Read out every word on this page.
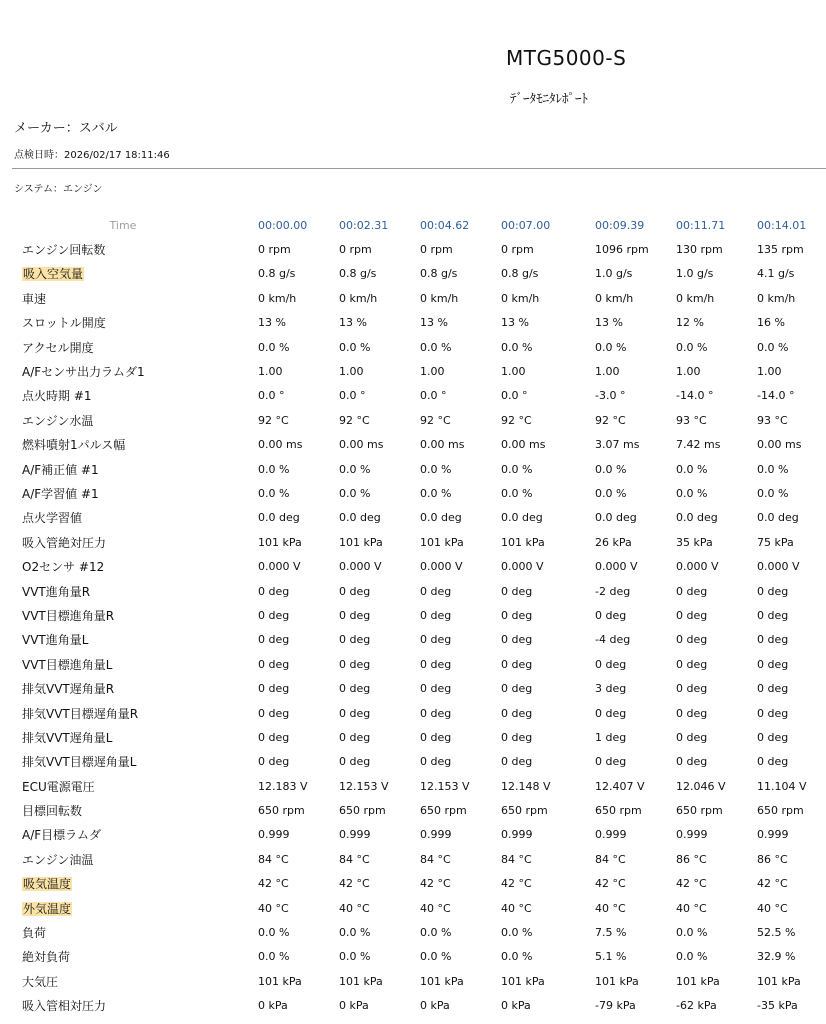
MTG5000-S
ﾃﾞｰﾀﾓﾆﾀﾚﾎﾟｰﾄ
メーカー：スバル
点検日時：2026/02/17 18:11:46
システム：エンジン
Time	00:00.00	00:02.31	00:04.62	00:07.00	00:09.39	00:11.71	00:14.01
エンジン回転数	0 rpm	0 rpm	0 rpm	0 rpm	1096 rpm	130 rpm	135 rpm
吸入空気量	0.8 g/s	0.8 g/s	0.8 g/s	0.8 g/s	1.0 g/s	1.0 g/s	4.1 g/s
車速	0 km/h	0 km/h	0 km/h	0 km/h	0 km/h	0 km/h	0 km/h
スロットル開度	13 %	13 %	13 %	13 %	13 %	12 %	16 %
アクセル開度	0.0 %	0.0 %	0.0 %	0.0 %	0.0 %	0.0 %	0.0 %
A/Fセンサ出力ラムダ1	1.00	1.00	1.00	1.00	1.00	1.00	1.00
点火時期 #1	0.0 °	0.0 °	0.0 °	0.0 °	-3.0 °	-14.0 °	-14.0 °
エンジン水温	92 °C	92 °C	92 °C	92 °C	92 °C	93 °C	93 °C
燃料噴射1パルス幅	0.00 ms	0.00 ms	0.00 ms	0.00 ms	3.07 ms	7.42 ms	0.00 ms
A/F補正値 #1	0.0 %	0.0 %	0.0 %	0.0 %	0.0 %	0.0 %	0.0 %
A/F学習値 #1	0.0 %	0.0 %	0.0 %	0.0 %	0.0 %	0.0 %	0.0 %
点火学習値	0.0 deg	0.0 deg	0.0 deg	0.0 deg	0.0 deg	0.0 deg	0.0 deg
吸入管絶対圧力	101 kPa	101 kPa	101 kPa	101 kPa	26 kPa	35 kPa	75 kPa
O2センサ #12	0.000 V	0.000 V	0.000 V	0.000 V	0.000 V	0.000 V	0.000 V
VVT進角量R	0 deg	0 deg	0 deg	0 deg	-2 deg	0 deg	0 deg
VVT目標進角量R	0 deg	0 deg	0 deg	0 deg	0 deg	0 deg	0 deg
VVT進角量L	0 deg	0 deg	0 deg	0 deg	-4 deg	0 deg	0 deg
VVT目標進角量L	0 deg	0 deg	0 deg	0 deg	0 deg	0 deg	0 deg
排気VVT遅角量R	0 deg	0 deg	0 deg	0 deg	3 deg	0 deg	0 deg
排気VVT目標遅角量R	0 deg	0 deg	0 deg	0 deg	0 deg	0 deg	0 deg
排気VVT遅角量L	0 deg	0 deg	0 deg	0 deg	1 deg	0 deg	0 deg
排気VVT目標遅角量L	0 deg	0 deg	0 deg	0 deg	0 deg	0 deg	0 deg
ECU電源電圧	12.183 V	12.153 V	12.153 V	12.148 V	12.407 V	12.046 V	11.104 V
目標回転数	650 rpm	650 rpm	650 rpm	650 rpm	650 rpm	650 rpm	650 rpm
A/F目標ラムダ	0.999	0.999	0.999	0.999	0.999	0.999	0.999
エンジン油温	84 °C	84 °C	84 °C	84 °C	84 °C	86 °C	86 °C
吸気温度	42 °C	42 °C	42 °C	42 °C	42 °C	42 °C	42 °C
外気温度	40 °C	40 °C	40 °C	40 °C	40 °C	40 °C	40 °C
負荷	0.0 %	0.0 %	0.0 %	0.0 %	7.5 %	0.0 %	52.5 %
絶対負荷	0.0 %	0.0 %	0.0 %	0.0 %	5.1 %	0.0 %	32.9 %
大気圧	101 kPa	101 kPa	101 kPa	101 kPa	101 kPa	101 kPa	101 kPa
吸入管相対圧力	0 kPa	0 kPa	0 kPa	0 kPa	-79 kPa	-62 kPa	-35 kPa
